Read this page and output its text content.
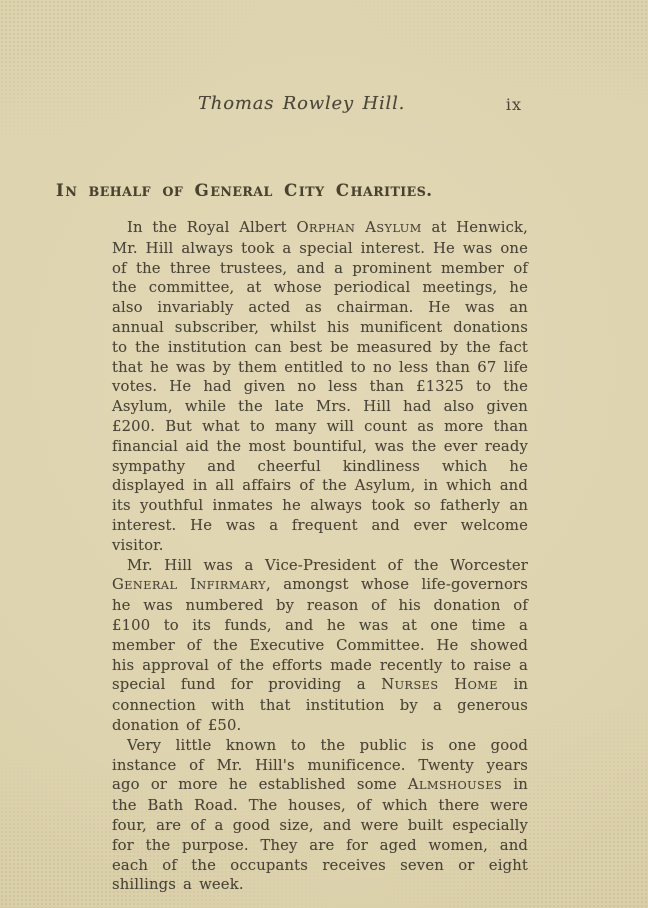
Thomas Rowley Hill.	ix
IN BEHALF OF GENERAL CITY CHARITIES.

In the Royal Albert ORPHAN ASYLUM at Henwick, Mr. Hill always took a special interest. He was one of the three trustees, and a prominent member of the committee, at whose periodical meetings, he also invariably acted as chairman. He was an annual subscriber, whilst his munificent donations to the institution can best be measured by the fact that he was by them entitled to no less than 67 life votes. He had given no less than £1325 to the Asylum, while the late Mrs. Hill had also given £200. But what to many will count as more than financial aid the most bountiful, was the ever ready sympathy and cheerful kindliness which he displayed in all affairs of the Asylum, in which and its youthful inmates he always took so fatherly an interest. He was a frequent and ever welcome visitor.

Mr. Hill was a Vice-President of the Worcester GENERAL INFIRMARY, amongst whose life-governors he was numbered by reason of his donation of £100 to its funds, and he was at one time a member of the Executive Committee. He showed his approval of the efforts made recently to raise a special fund for providing a NURSES HOME in connection with that institution by a generous donation of £50.

Very little known to the public is one good instance of Mr. Hill's munificence. Twenty years ago or more he established some ALMSHOUSES in the Bath Road. The houses, of which there were four, are of a good size, and were built especially for the purpose. They are for aged women, and each of the occupants receives seven or eight shillings a week.
